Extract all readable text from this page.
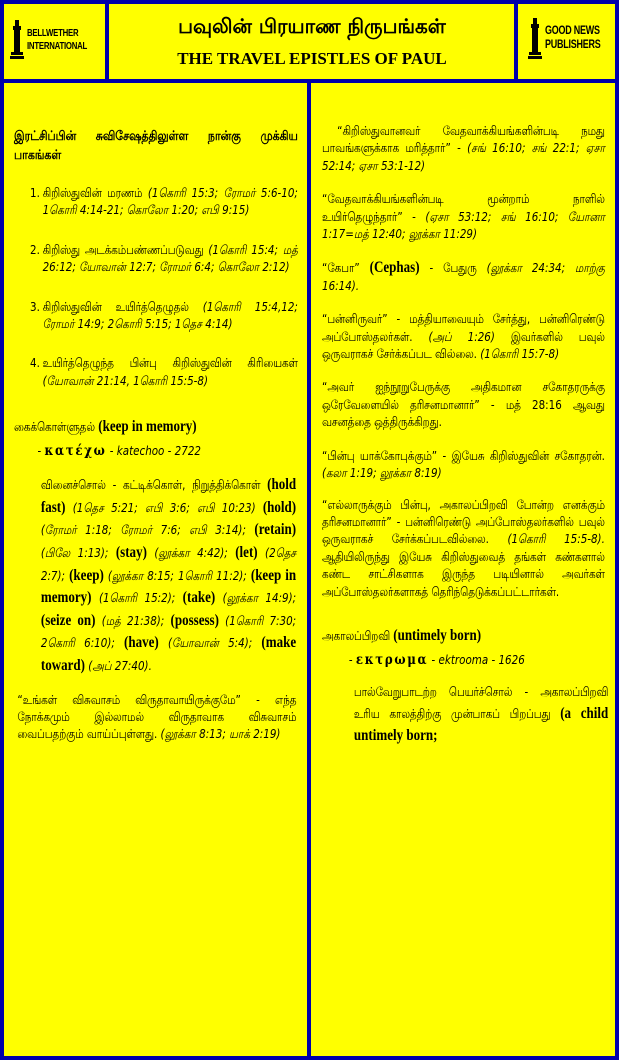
BELLWETHER
INTERNATIONAL
பவுலின் பிரயாண நிருபங்கள்
THE TRAVEL EPISTLES OF PAUL
GOOD NEWS
PUBLISHERS

இரட்சிப்பின் சுவிசேஷத்திலுள்ள நான்கு முக்கிய பாகங்கள்

1. கிறிஸ்துவின் மரணம் (1கொரி 15:3; ரோமர் 5:6-10; 1கொரி 4:14-21; கொலோ 1:20; எபி 9:15)

2. கிறிஸ்து அடக்கம்பண்ணப்படுவது (1கொரி 15:4; மத் 26:12; யோவான் 12:7; ரோமர் 6:4; கொலோ 2:12)

3. கிறிஸ்துவின் உயிர்த்தெழுதல் (1கொரி 15:4,12; ரோமர் 14:9; 2கொரி 5:15; 1தெச 4:14)

4. உயிர்த்தெழுந்த பின்பு கிறிஸ்துவின் கிரியைகள் (யோவான் 21:14, 1கொரி 15:5-8)

கைக்கொள்ளுதல் (keep in memory)

- κατέχω - katechoo - 2722

வினைச்சொல் - கட்டிக்கொள், நிறுத்திக்கொள் (hold fast) (1தெச 5:21; எபி 3:6; எபி 10:23) (hold) (ரோமர் 1:18; ரோமர் 7:6; எபி 3:14); (retain) (பிலே 1:13); (stay) (லூக்கா 4:42); (let) (2தெச 2:7); (keep) (லூக்கா 8:15; 1கொரி 11:2); (keep in memory) (1கொரி 15:2); (take) (லூக்கா 14:9); (seize on) (மத் 21:38); (possess) (1கொரி 7:30; 2கொரி 6:10); (have) (யோவான் 5:4); (make toward) (அப் 27:40).

“உங்கள் விசுவாசம் விருதாவாயிருக்குமே” - எந்த நோக்கமும் இல்லாமல் விருதாவாக விசுவாசம் வைப்பதற்கும் வாய்ப்புள்ளது. (லூக்கா 8:13; யாக் 2:19)

“கிறிஸ்துவானவர் வேதவாக்கியங்களின்படி நமது பாவங்களுக்காக மரித்தார்” - (சங் 16:10; சங் 22:1; ஏசா 52:14; ஏசா 53:1-12)

“வேதவாக்கியங்களின்படி மூன்றாம் நாளில் உயிர்தெழுந்தார்” - (ஏசா 53:12; சங் 16:10; யோனா 1:17=மத் 12:40; லூக்கா 11:29)

“கேபா” (Cephas) - பேதுரு (லூக்கா 24:34; மாற்கு 16:14).

“பன்னிருவர்” - மத்தியாவையும் சேர்த்து, பன்னிரெண்டு அப்போஸ்தலர்கள். (அப் 1:26) இவர்களில் பவுல் ஒருவராகச் சேர்க்கப்பட வில்லை. (1கொரி 15:7-8)

“அவர் ஐந்நூறுபேருக்கு அதிகமான சகோதரருக்கு ஒரேவேளையில் தரிசனமானார்” - மத் 28:16 ஆவது வசனத்தை ஒத்திருக்கிறது.

“பின்பு யாக்கோபுக்கும்” - இயேசு கிறிஸ்துவின் சகோதரன். (கலா 1:19; லூக்கா 8:19)

“எல்லாருக்கும் பின்பு, அகாலப்பிறவி போன்ற எனக்கும் தரிசனமானார்” - பன்னிரெண்டு அப்போஸ்தலர்களில் பவுல் ஒருவராகச் சேர்க்கப்படவில்லை. (1கொரி 15:5-8). ஆதியிலிருந்து இயேசு கிறிஸ்துவைத் தங்கள் கண்களால் கண்ட சாட்சிகளாக இருந்த படியினால் அவர்கள் அப்போஸ்தலர்களாகத் தெரிந்தெடுக்கப்பட்டார்கள்.

அகாலப்பிறவி (untimely born)

- εκτρωμα - ektrooma - 1626

பால்வேறுபாடற்ற பெயர்ச்சொல் - அகாலப்பிறவி உரிய காலத்திற்கு முன்பாகப் பிறப்பது (a child untimely born;
